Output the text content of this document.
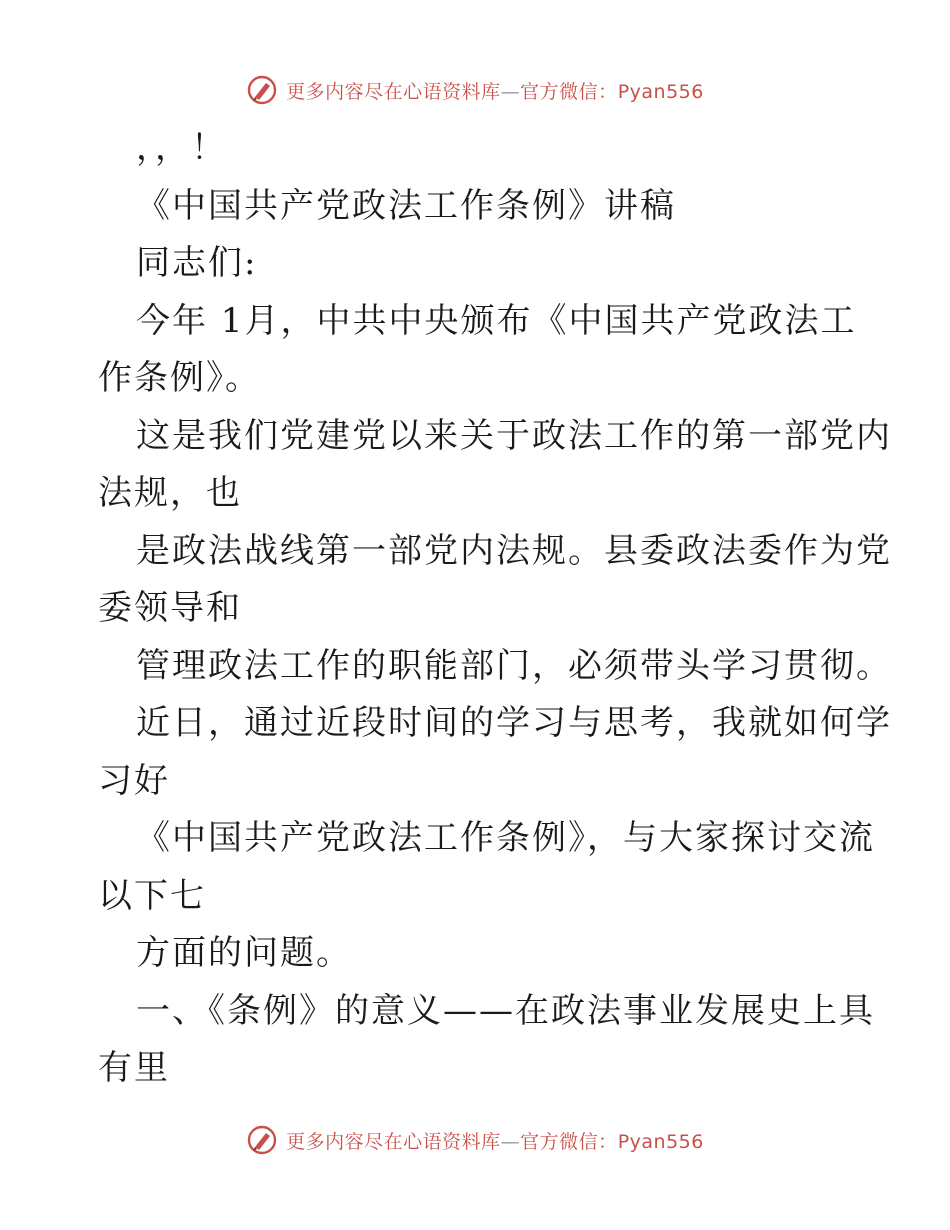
更多内容尽在心语资料库—官方微信：Pyan556
，，！
《中国共产党政法工作条例》讲稿
同志们:
今年 1月，中共中央颁布《中国共产党政法工
作条例》。
这是我们党建党以来关于政法工作的第一部党内
法规，也
是政法战线第一部党内法规。县委政法委作为党
委领导和
管理政法工作的职能部门，必须带头学习贯彻。
近日，通过近段时间的学习与思考，我就如何学
习好
《中国共产党政法工作条例》，与大家探讨交流
以下七
方面的问题。
一、《条例》的意义——在政法事业发展史上具
有里
更多内容尽在心语资料库—官方微信：Pyan556
